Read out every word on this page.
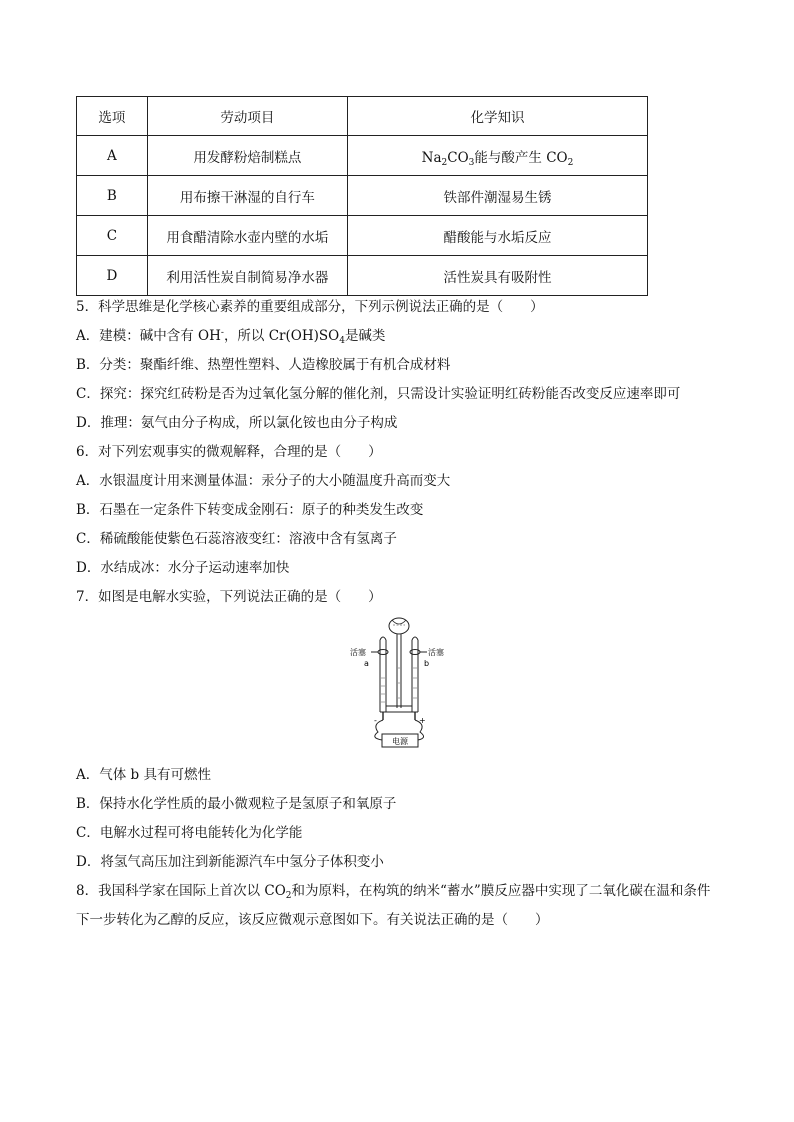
选项	劳动项目	化学知识
A	用发酵粉焙制糕点	$Na_2CO_3$能与酸产生 $CO_2$
B	用布擦干淋湿的自行车	铁部件潮湿易生锈
C	用食醋清除水壶内壁的水垢	醋酸能与水垢反应
D	利用活性炭自制简易净水器	活性炭具有吸附性
5．科学思维是化学核心素养的重要组成部分，下列示例说法正确的是（　　）
A．建模：碱中含有 OH-，所以 $Cr(OH)SO_4$是碱类
B．分类：聚酯纤维、热塑性塑料、人造橡胶属于有机合成材料
C．探究：探究红砖粉是否为过氧化氢分解的催化剂，只需设计实验证明红砖粉能否改变反应速率即可
D．推理：氨气由分子构成，所以氯化铵也由分子构成
6．对下列宏观事实的微观解释，合理的是（　　）
A．水银温度计用来测量体温：汞分子的大小随温度升高而变大
B．石墨在一定条件下转变成金刚石：原子的种类发生改变
C．稀硫酸能使紫色石蕊溶液变红：溶液中含有氢离子
D．水结成冰：水分子运动速率加快
7．如图是电解水实验，下列说法正确的是（　　）
活塞	活塞
a	b
-	+
电源
A．气体 b 具有可燃性
B．保持水化学性质的最小微观粒子是氢原子和氧原子
C．电解水过程可将电能转化为化学能
D．将氢气高压加注到新能源汽车中氢分子体积变小
8．我国科学家在国际上首次以 $CO_2$和为原料，在构筑的纳米“蓄水”膜反应器中实现了二氧化碳在温和条件
下一步转化为乙醇的反应，该反应微观示意图如下。有关说法正确的是（　　）
